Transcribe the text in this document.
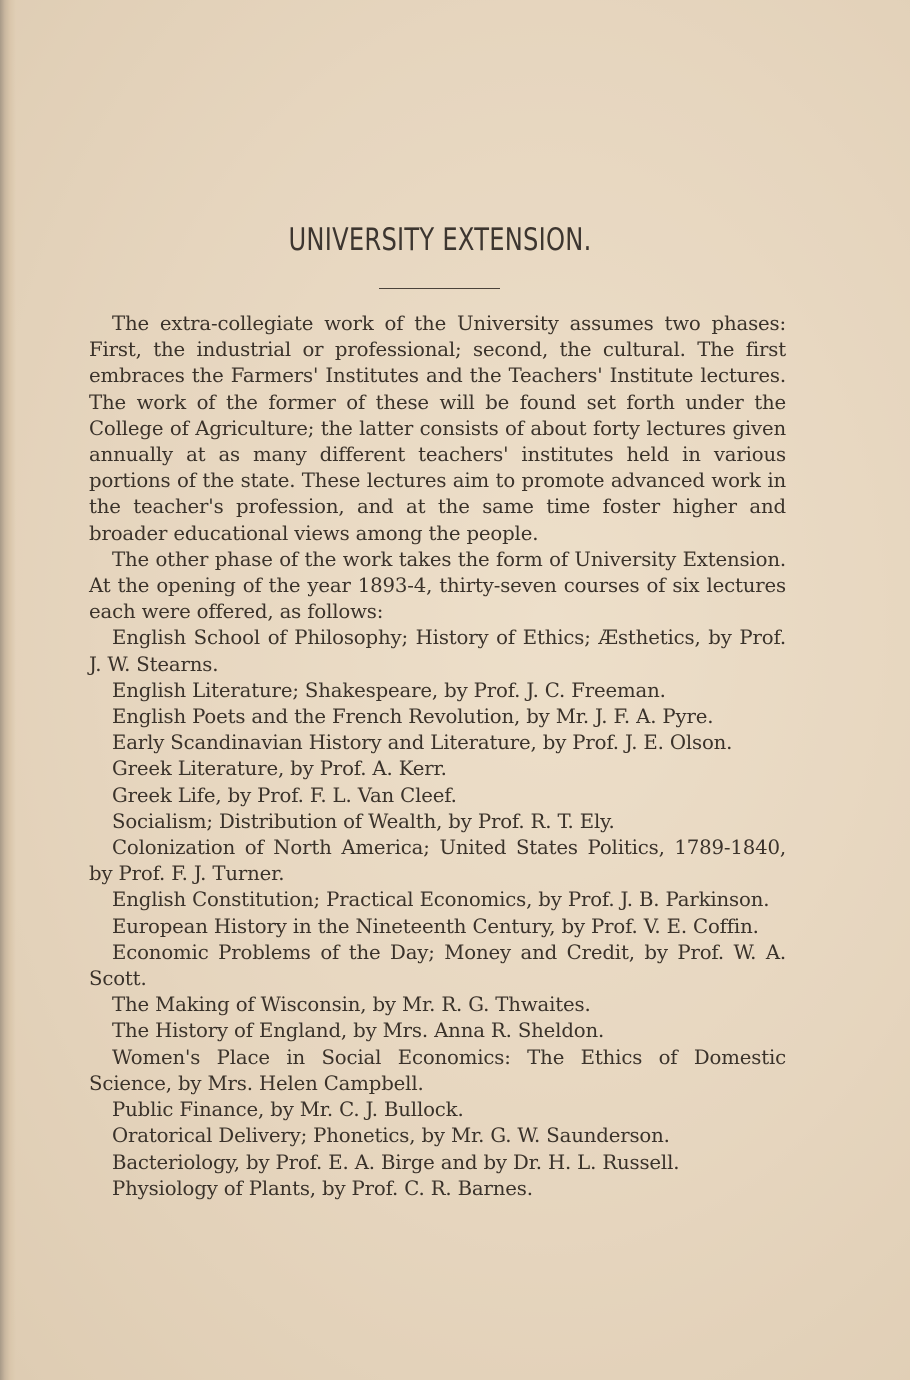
UNIVERSITY EXTENSION.

The extra-collegiate work of the University assumes two phases: First, the industrial or professional; second, the cultural. The first embraces the Farmers' Institutes and the Teachers' Institute lectures. The work of the former of these will be found set forth under the College of Agriculture; the latter consists of about forty lectures given annually at as many different teachers' institutes held in various portions of the state. These lectures aim to promote advanced work in the teacher's profession, and at the same time foster higher and broader educational views among the people.

The other phase of the work takes the form of University Extension. At the opening of the year 1893-4, thirty-seven courses of six lectures each were offered, as follows:

English School of Philosophy; History of Ethics; Æsthetics, by Prof. J. W. Stearns.

English Literature; Shakespeare, by Prof. J. C. Freeman.

English Poets and the French Revolution, by Mr. J. F. A. Pyre.

Early Scandinavian History and Literature, by Prof. J. E. Olson.

Greek Literature, by Prof. A. Kerr.

Greek Life, by Prof. F. L. Van Cleef.

Socialism; Distribution of Wealth, by Prof. R. T. Ely.

Colonization of North America; United States Politics, 1789-1840, by Prof. F. J. Turner.

English Constitution; Practical Economics, by Prof. J. B. Parkinson.

European History in the Nineteenth Century, by Prof. V. E. Coffin.

Economic Problems of the Day; Money and Credit, by Prof. W. A. Scott.

The Making of Wisconsin, by Mr. R. G. Thwaites.

The History of England, by Mrs. Anna R. Sheldon.

Women's Place in Social Economics: The Ethics of Domestic Science, by Mrs. Helen Campbell.

Public Finance, by Mr. C. J. Bullock.

Oratorical Delivery; Phonetics, by Mr. G. W. Saunderson.

Bacteriology, by Prof. E. A. Birge and by Dr. H. L. Russell.

Physiology of Plants, by Prof. C. R. Barnes.
